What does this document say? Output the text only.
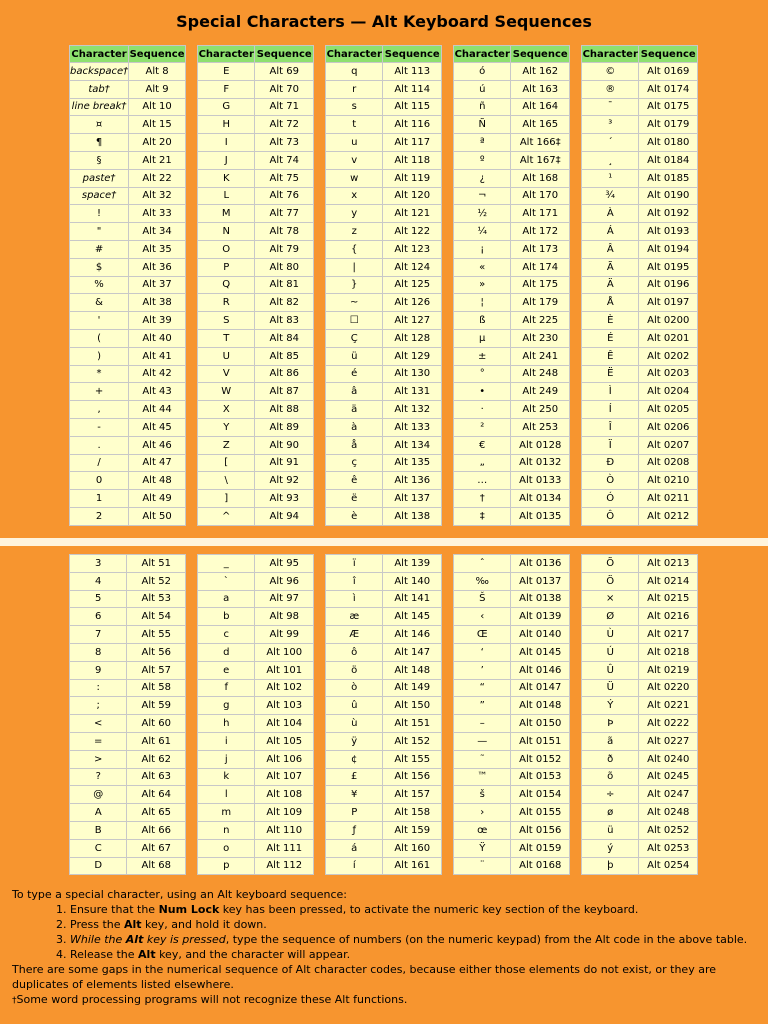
Special Characters — Alt Keyboard Sequences
Character	Sequence
backspace†	Alt 8
tab†	Alt 9
line break†	Alt 10
¤	Alt 15
¶	Alt 20
§	Alt 21
paste†	Alt 22
space†	Alt 32
!	Alt 33
"	Alt 34
#	Alt 35
$	Alt 36
%	Alt 37
&	Alt 38
'	Alt 39
(	Alt 40
)	Alt 41
*	Alt 42
+	Alt 43
,	Alt 44
-	Alt 45
.	Alt 46
/	Alt 47
0	Alt 48
1	Alt 49
2	Alt 50
Character	Sequence
E	Alt 69
F	Alt 70
G	Alt 71
H	Alt 72
I	Alt 73
J	Alt 74
K	Alt 75
L	Alt 76
M	Alt 77
N	Alt 78
O	Alt 79
P	Alt 80
Q	Alt 81
R	Alt 82
S	Alt 83
T	Alt 84
U	Alt 85
V	Alt 86
W	Alt 87
X	Alt 88
Y	Alt 89
Z	Alt 90
[	Alt 91
\	Alt 92
]	Alt 93
^	Alt 94
Character	Sequence
q	Alt 113
r	Alt 114
s	Alt 115
t	Alt 116
u	Alt 117
v	Alt 118
w	Alt 119
x	Alt 120
y	Alt 121
z	Alt 122
{	Alt 123
|	Alt 124
}	Alt 125
~	Alt 126
☐	Alt 127
Ç	Alt 128
ü	Alt 129
é	Alt 130
â	Alt 131
ä	Alt 132
à	Alt 133
å	Alt 134
ç	Alt 135
ê	Alt 136
ë	Alt 137
è	Alt 138
Character	Sequence
ó	Alt 162
ú	Alt 163
ñ	Alt 164
Ñ	Alt 165
ª	Alt 166‡
º	Alt 167‡
¿	Alt 168
¬	Alt 170
½	Alt 171
¼	Alt 172
¡	Alt 173
«	Alt 174
»	Alt 175
¦	Alt 179
ß	Alt 225
µ	Alt 230
±	Alt 241
°	Alt 248
•	Alt 249
·	Alt 250
²	Alt 253
€	Alt 0128
„	Alt 0132
…	Alt 0133
†	Alt 0134
‡	Alt 0135
Character	Sequence
©	Alt 0169
®	Alt 0174
¯	Alt 0175
³	Alt 0179
´	Alt 0180
¸	Alt 0184
¹	Alt 0185
¾	Alt 0190
À	Alt 0192
Á	Alt 0193
Â	Alt 0194
Ã	Alt 0195
Ä	Alt 0196
Å	Alt 0197
È	Alt 0200
É	Alt 0201
Ê	Alt 0202
Ë	Alt 0203
Ì	Alt 0204
Í	Alt 0205
Î	Alt 0206
Ï	Alt 0207
Ð	Alt 0208
Ò	Alt 0210
Ó	Alt 0211
Ô	Alt 0212
3	Alt 51
4	Alt 52
5	Alt 53
6	Alt 54
7	Alt 55
8	Alt 56
9	Alt 57
:	Alt 58
;	Alt 59
<	Alt 60
=	Alt 61
>	Alt 62
?	Alt 63
@	Alt 64
A	Alt 65
B	Alt 66
C	Alt 67
D	Alt 68
_	Alt 95
`	Alt 96
a	Alt 97
b	Alt 98
c	Alt 99
d	Alt 100
e	Alt 101
f	Alt 102
g	Alt 103
h	Alt 104
i	Alt 105
j	Alt 106
k	Alt 107
l	Alt 108
m	Alt 109
n	Alt 110
o	Alt 111
p	Alt 112
ï	Alt 139
î	Alt 140
ì	Alt 141
æ	Alt 145
Æ	Alt 146
ô	Alt 147
ö	Alt 148
ò	Alt 149
û	Alt 150
ù	Alt 151
ÿ	Alt 152
¢	Alt 155
£	Alt 156
¥	Alt 157
P	Alt 158
ƒ	Alt 159
á	Alt 160
í	Alt 161
ˆ	Alt 0136
‰	Alt 0137
Š	Alt 0138
‹	Alt 0139
Œ	Alt 0140
‘	Alt 0145
’	Alt 0146
“	Alt 0147
”	Alt 0148
–	Alt 0150
—	Alt 0151
˜	Alt 0152
™	Alt 0153
š	Alt 0154
›	Alt 0155
œ	Alt 0156
Ÿ	Alt 0159
¨	Alt 0168
Õ	Alt 0213
Ö	Alt 0214
×	Alt 0215
Ø	Alt 0216
Ù	Alt 0217
Ú	Alt 0218
Û	Alt 0219
Ü	Alt 0220
Ý	Alt 0221
Þ	Alt 0222
ã	Alt 0227
ð	Alt 0240
õ	Alt 0245
÷	Alt 0247
ø	Alt 0248
ü	Alt 0252
ý	Alt 0253
þ	Alt 0254
To type a special character, using an Alt keyboard sequence:
1. Ensure that the Num Lock key has been pressed, to activate the numeric key section of the keyboard.
2. Press the Alt key, and hold it down.
3. While the Alt key is pressed, type the sequence of numbers (on the numeric keypad) from the Alt code in the above table.
4. Release the Alt key, and the character will appear.
There are some gaps in the numerical sequence of Alt character codes, because either those elements do not exist, or they are duplicates of elements listed elsewhere.
†Some word processing programs will not recognize these Alt functions.
